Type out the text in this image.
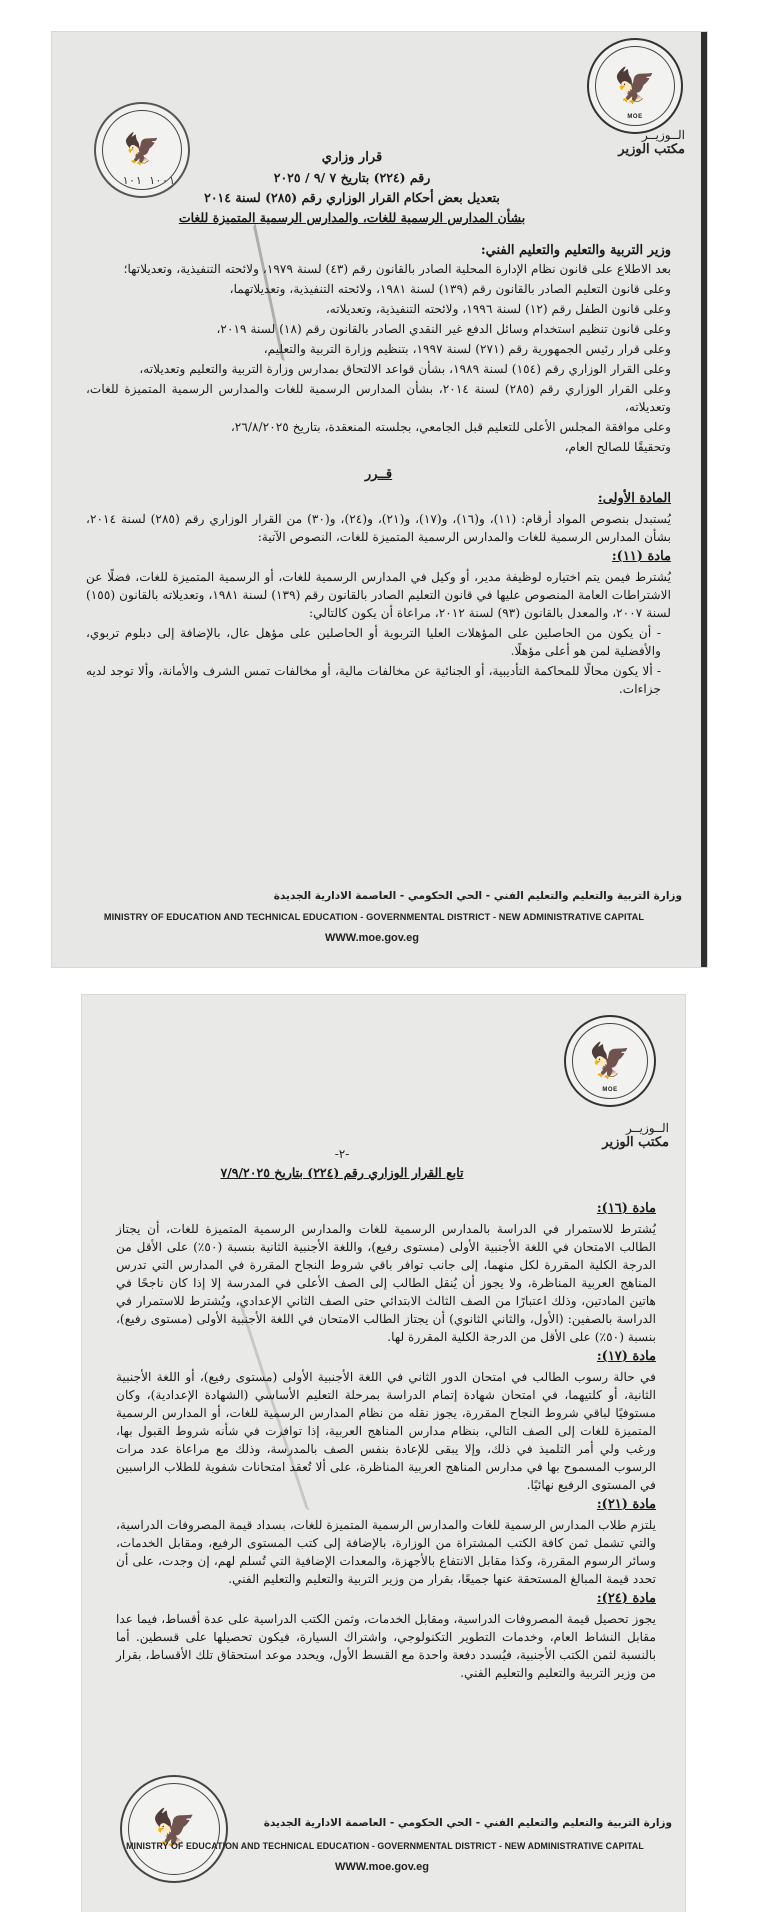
🦅
MOE
🦅	الــوزيــر
مكتب الوزير
قرار وزاري
رقم (٢٢٤) بتاريخ ٧ /٩ / ٢٠٢٥
١٠٠١ ١٠١
بتعديل بعض أحكام القرار الوزاري رقم (٢٨٥) لسنة ٢٠١٤
بشأن المدارس الرسمية للغات، والمدارس الرسمية المتميزة للغات
وزير التربية والتعليم والتعليم الفني:
بعد الاطلاع على قانون نظام الإدارة المحلية الصادر بالقانون رقم (٤٣) لسنة ١٩٧٩، ولائحته التنفيذية، وتعديلاتها؛
وعلى قانون التعليم الصادر بالقانون رقم (١٣٩) لسنة ١٩٨١، ولائحته التنفيذية، وتعديلاتهما،
وعلى قانون الطفل رقم (١٢) لسنة ١٩٩٦، ولائحته التنفيذية، وتعديلاته،
وعلى قانون تنظيم استخدام وسائل الدفع غير النقدي الصادر بالقانون رقم (١٨) لسنة ٢٠١٩،
وعلى قرار رئيس الجمهورية رقم (٢٧١) لسنة ١٩٩٧، بتنظيم وزارة التربية والتعليم،
وعلى القرار الوزاري رقم (١٥٤) لسنة ١٩٨٩، بشأن قواعد الالتحاق بمدارس وزارة التربية والتعليم وتعديلاته،
وعلى القرار الوزاري رقم (٢٨٥) لسنة ٢٠١٤، بشأن المدارس الرسمية للغات والمدارس الرسمية المتميزة للغات، وتعديلاته،
وعلى موافقة المجلس الأعلى للتعليم قبل الجامعي، بجلسته المنعقدة، بتاريخ ٢٦/٨/٢٠٢٥،
وتحقيقًا للصالح العام،
قــرر
المادة الأولى:
يُستبدل بنصوص المواد أرقام: (١١)، و(١٦)، و(١٧)، و(٢١)، و(٢٤)، و(٣٠) من القرار الوزاري رقم (٢٨٥) لسنة ٢٠١٤، بشأن المدارس الرسمية للغات والمدارس الرسمية المتميزة للغات، النصوص الآتية:
مادة (١١):
يُشترط فيمن يتم اختياره لوظيفة مدير، أو وكيل في المدارس الرسمية للغات، أو الرسمية المتميزة للغات، فضلًا عن الاشتراطات العامة المنصوص عليها في قانون التعليم الصادر بالقانون رقم (١٣٩) لسنة ١٩٨١، وتعديلاته بالقانون (١٥٥) لسنة ٢٠٠٧، والمعدل بالقانون (٩٣) لسنة ٢٠١٢، مراعاة أن يكون كالتالي:
- أن يكون من الحاصلين على المؤهلات العليا التربوية أو الحاصلين على مؤهل عال، بالإضافة إلى دبلوم تربوي، والأفضلية لمن هو أعلى مؤهلًا.
- ألا يكون محالًا للمحاكمة التأديبية، أو الجنائية عن مخالفات مالية، أو مخالفات تمس الشرف والأمانة، وألا توجد لديه جزاءات.
وزارة التربية والتعليم والتعليم الفني - الحي الحكومي - العاصمة الادارية الجديدة
MINISTRY OF EDUCATION AND TECHNICAL EDUCATION - GOVERNMENTAL DISTRICT - NEW ADMINISTRATIVE CAPITAL
WWW.moe.gov.eg
🦅
MOE
الــوزيــر
مكتب الوزير
-٢-
تابع القرار الوزاري رقم (٢٢٤) بتاريخ ٧/٩/٢٠٢٥
مادة (١٦):
يُشترط للاستمرار في الدراسة بالمدارس الرسمية للغات والمدارس الرسمية المتميزة للغات، أن يجتاز الطالب الامتحان في اللغة الأجنبية الأولى (مستوى رفيع)، واللغة الأجنبية الثانية بنسبة (٥٠٪) على الأقل من الدرجة الكلية المقررة لكل منهما، إلى جانب توافر باقي شروط النجاح المقررة في المدارس التي تدرس المناهج العربية المناظرة، ولا يجوز أن يُنقل الطالب إلى الصف الأعلى في المدرسة إلا إذا كان ناجحًا في هاتين المادتين، وذلك اعتبارًا من الصف الثالث الابتدائي حتى الصف الثاني الإعدادي، ويُشترط للاستمرار في الدراسة بالصفين: (الأول، والثاني الثانوي) أن يجتاز الطالب الامتحان في اللغة الأجنبية الأولى (مستوى رفيع)، بنسبة (٥٠٪) على الأقل من الدرجة الكلية المقررة لها.
مادة (١٧):
في حالة رسوب الطالب في امتحان الدور الثاني في اللغة الأجنبية الأولى (مستوى رفيع)، أو اللغة الأجنبية الثانية، أو كلتيهما، في امتحان شهادة إتمام الدراسة بمرحلة التعليم الأساسي (الشهادة الإعدادية)، وكان مستوفيًا لباقي شروط النجاح المقررة، يجوز نقله من نظام المدارس الرسمية للغات، أو المدارس الرسمية المتميزة للغات إلى الصف التالي، بنظام مدارس المناهج العربية، إذا توافرت في شأنه شروط القبول بها، ورغب ولي أمر التلميذ في ذلك، وإلا يبقى للإعادة بنفس الصف بالمدرسة، وذلك مع مراعاة عدد مرات الرسوب المسموح بها في مدارس المناهج العربية المناظرة، على ألا تُعقد امتحانات شفوية للطلاب الراسبين في المستوى الرفيع نهائيًا.
مادة (٢١):
يلتزم طلاب المدارس الرسمية للغات والمدارس الرسمية المتميزة للغات، بسداد قيمة المصروفات الدراسية، والتي تشمل ثمن كافة الكتب المشتراة من الوزارة، بالإضافة إلى كتب المستوى الرفيع، ومقابل الخدمات، وسائر الرسوم المقررة، وكذا مقابل الانتفاع بالأجهزة، والمعدات الإضافية التي تُسلم لهم، إن وجدت، على أن تحدد قيمة المبالغ المستحقة عنها جميعًا، بقرار من وزير التربية والتعليم والتعليم الفني.
مادة (٢٤):
يجوز تحصيل قيمة المصروفات الدراسية، ومقابل الخدمات، وثمن الكتب الدراسية على عدة أقساط، فيما عدا مقابل النشاط العام، وخدمات التطوير التكنولوجي، واشتراك السيارة، فيكون تحصيلها على قسطين. أما بالنسبة لثمن الكتب الأجنبية، فيُسدد دفعة واحدة مع القسط الأول، ويحدد موعد استحقاق تلك الأقساط، بقرار من وزير التربية والتعليم والتعليم الفني.
🦅	وزارة التربية والتعليم والتعليم الفني - الحي الحكومي - العاصمة الادارية الجديدة
MINISTRY OF EDUCATION AND TECHNICAL EDUCATION - GOVERNMENTAL DISTRICT - NEW ADMINISTRATIVE CAPITAL
WWW.moe.gov.eg
